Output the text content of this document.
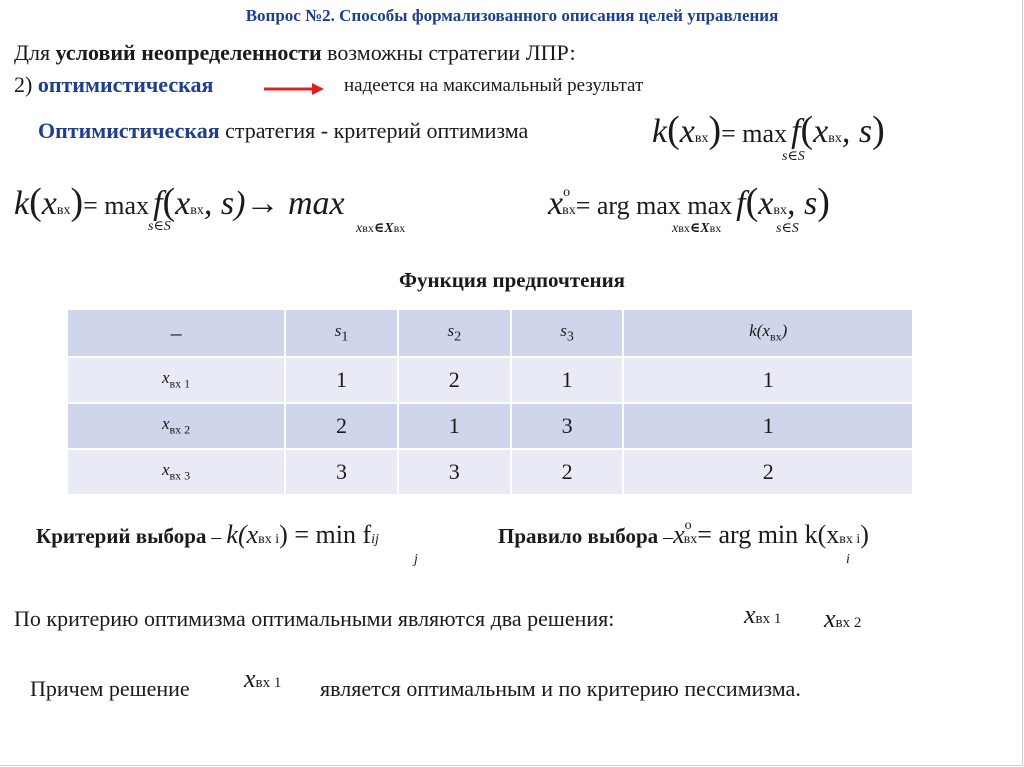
Вопрос №2. Способы формализованного описания целей управления
Для условий неопределенности возможны стратегии ЛПР:
2) оптимистическая	надеется на максимальный результат
Оптимистическая стратегия - критерий оптимизма	k(xвх)= max f(xвх, s)
s∈S
k(xвх)= max f(xвх, s)→ max
s∈S	xвх∈Xвх
xoвх= arg max max f(xвх, s)
xвх∈Xвх	s∈S
Функция предпочтения
–	$s_1$	$s_2$	$s_3$	$k(x_{вх})$
$x_{вх 1}$	1	2	1	1
$x_{вх 2}$	2	1	3	1
$x_{вх 3}$	3	3	2	2
Критерий выбора – k(xвх i) = min fij
j
Правило выбора –xoвх= arg min k(xвх i)
i
По критерию оптимизма оптимальными являются два решения:	xвх 1 xвх 2
Причем решение xвх 1 является оптимальным и по критерию пессимизма.
